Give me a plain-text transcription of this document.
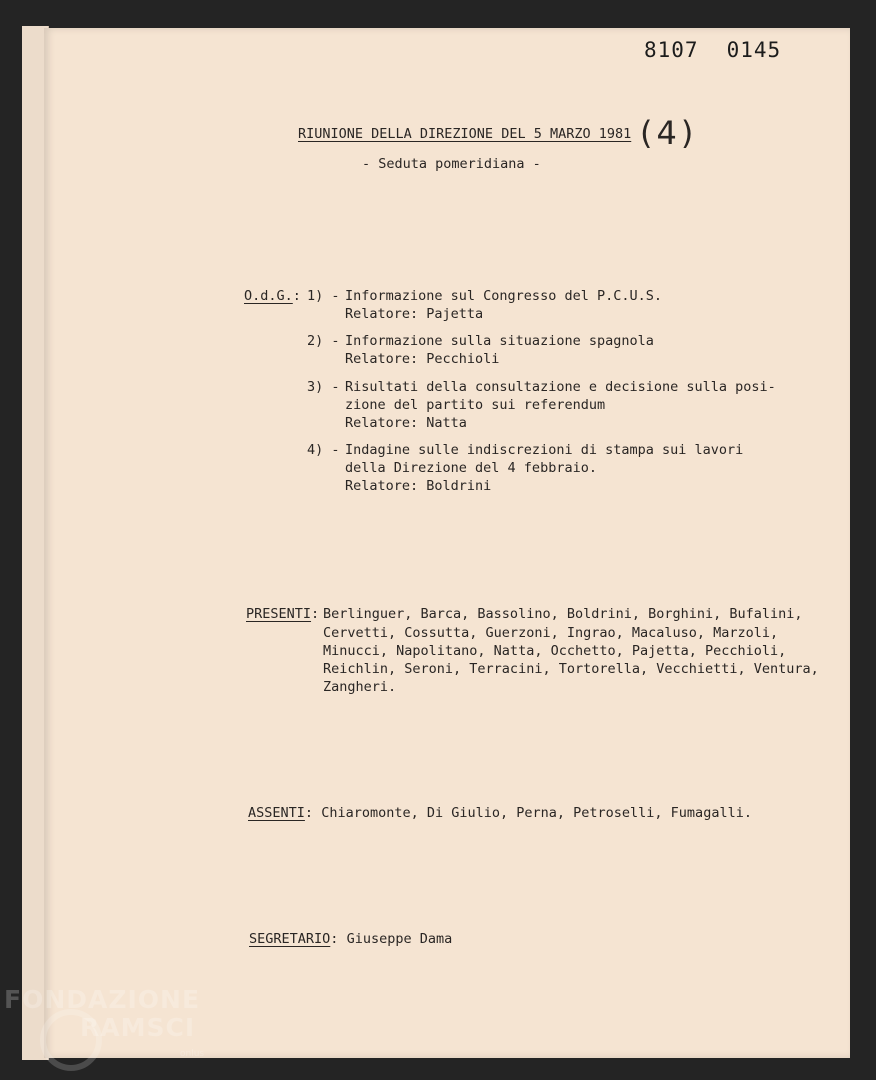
8107 0145
RIUNIONE DELLA DIREZIONE DEL 5 MARZO 1981 (4)
- Seduta pomeridiana -
O.d.G.: 1) - Informazione sul Congresso del P.C.U.S.
Relatore: Pajetta
2) - Informazione sulla situazione spagnola
Relatore: Pecchioli
3) - Risultati della consultazione e decisione sulla posi-
zione del partito sui referendum
Relatore: Natta
4) - Indagine sulle indiscrezioni di stampa sui lavori
della Direzione del 4 febbraio.
Relatore: Boldrini
PRESENTI: Berlinguer, Barca, Bassolino, Boldrini, Borghini, Bufalini,
Cervetti, Cossutta, Guerzoni, Ingrao, Macaluso, Marzoli,
Minucci, Napolitano, Natta, Occhetto, Pajetta, Pecchioli,
Reichlin, Seroni, Terracini, Tortorella, Vecchietti, Ventura,
Zangheri.
ASSENTI: Chiaromonte, Di Giulio, Perna, Petroselli, Fumagalli.
SEGRETARIO: Giuseppe Dama
FONDAZIONE
RAMSCI
onlus
